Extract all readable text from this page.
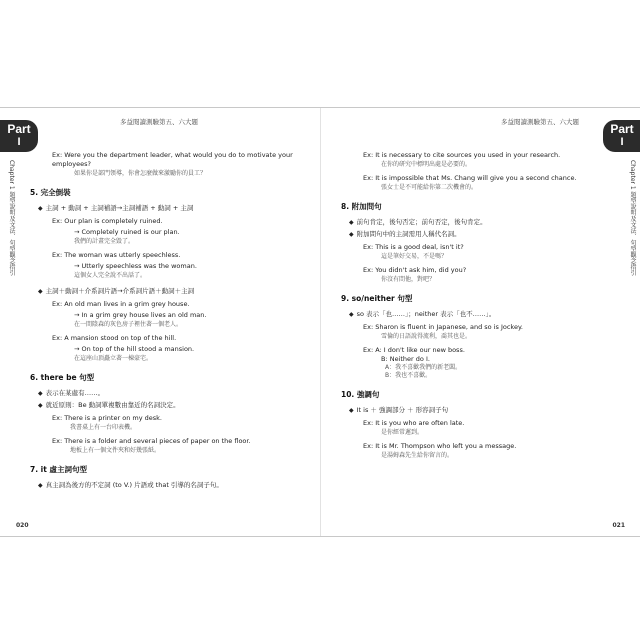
Part
I
多益閱讀測驗第五、六大題
Chapter 1 題型說明及文法、句型觀念指引
Ex: Were you the department leader, what would you do to motivate your employees?
如果你是部門領導，你會怎麼做來激勵你的員工？
5. 完全倒裝
◆ 主詞 + 動詞 + 主詞補語→主詞補語 + 動詞 + 主詞
Ex: Our plan is completely ruined.
→ Completely ruined is our plan.
我們的計畫完全毀了。
Ex: The woman was utterly speechless.
→ Utterly speechless was the woman.
這個女人完全說不出話了。
◆ 主詞＋動詞＋介系詞片語→介系詞片語＋動詞＋主詞
Ex: An old man lives in a grim grey house.
→ In a grim grey house lives an old man.
在一間陰森的灰色房子裡住著一個老人。
Ex: A mansion stood on top of the hill.
→ On top of the hill stood a mansion.
在這座山頂矗立著一棟豪宅。
6. there be 句型
◆ 表示在某處有……。
◆ 就近原則：Be 動詞單複數由靠近的名詞決定。
Ex: There is a printer on my desk.
我書桌上有一台印表機。
Ex: There is a folder and several pieces of paper on the floor.
地板上有一個文件夾和好幾張紙。
7. it 虛主詞句型
◆ 真主詞為後方的不定詞 (to V.) 片語或 that 引導的名詞子句。
020
Part
I
多益閱讀測驗第五、六大題
Chapter 1 題型說明及文法、句型觀念指引
Ex: It is necessary to cite sources you used in your research.
在你的研究中標明出處是必要的。
Ex: It is impossible that Ms. Chang will give you a second chance.
張女士是不可能給你第二次機會的。
8. 附加問句
◆ 前句肯定，後句否定；前句否定，後句肯定。
◆ 附加問句中的主詞需用人稱代名詞。
Ex: This is a good deal, isn't it?
這是筆好交易，不是嗎？
Ex: You didn't ask him, did you?
你沒有問他，對吧？
9. so/neither 句型
◆ so 表示「也……」；neither 表示「也不……」。
Ex: Sharon is fluent in Japanese, and so is Jockey.
雪倫的日語說得流利，喬其也是。
Ex: A: I don't like our new boss.
B: Neither do I.
A：我不喜歡我們的新老闆。
B：我也不喜歡。
10. 強調句
◆ It is ＋ 強調部分 ＋ 形容詞子句
Ex: It is you who are often late.
是你經常遲到。
Ex: It is Mr. Thompson who left you a message.
是湯姆森先生給你留言的。
021
